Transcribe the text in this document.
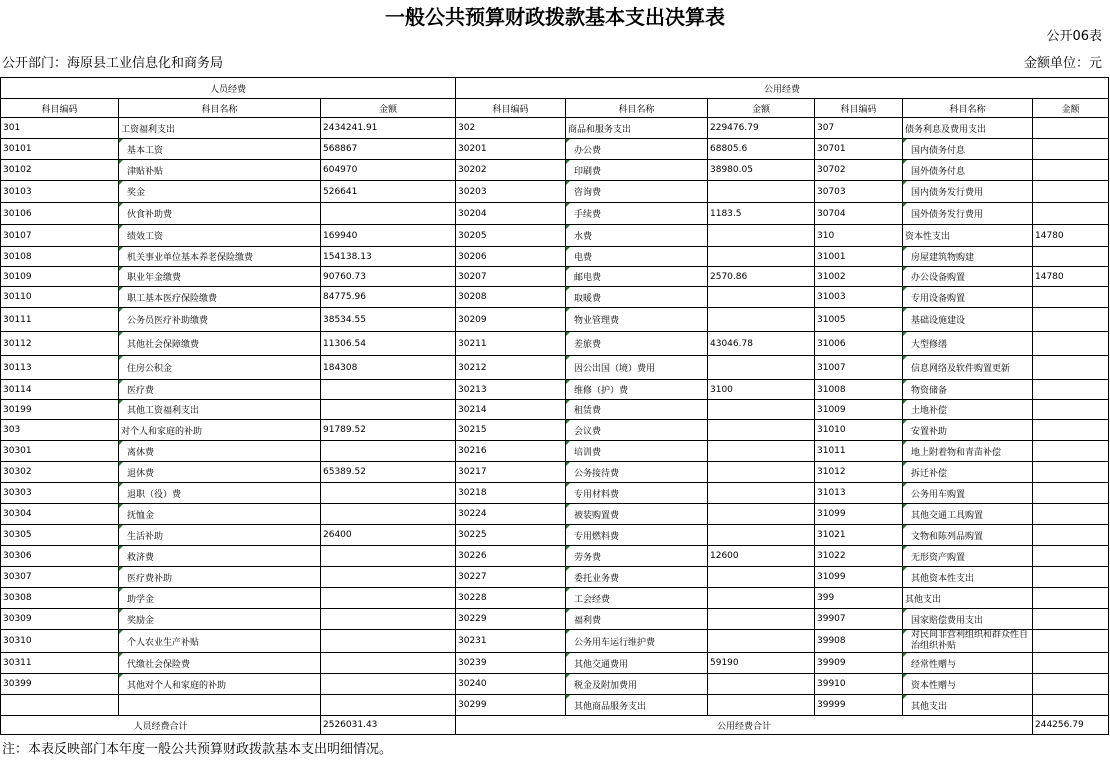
一般公共预算财政拨款基本支出决算表
公开06表
公开部门：海原县工业信息化和商务局	金额单位：元
人员经费			公用经费					
科目编码	科目名称	金额	科目编码	科目名称	金额	科目编码	科目名称	金额
301	工资福利支出	2434241.91	302	商品和服务支出	229476.79	307	债务利息及费用支出	
30101	基本工资	568867	30201	办公费	68805.6	30701	国内债务付息	
30102	津贴补贴	604970	30202	印刷费	38980.05	30702	国外债务付息	
30103	奖金	526641	30203	咨询费		30703	国内债务发行费用	
30106	伙食补助费		30204	手续费	1183.5	30704	国外债务发行费用	
30107	绩效工资	169940	30205	水费		310	资本性支出	14780
30108	机关事业单位基本养老保险缴费	154138.13	30206	电费		31001	房屋建筑物购建	
30109	职业年金缴费	90760.73	30207	邮电费	2570.86	31002	办公设备购置	14780
30110	职工基本医疗保险缴费	84775.96	30208	取暖费		31003	专用设备购置	
30111	公务员医疗补助缴费	38534.55	30209	物业管理费		31005	基础设施建设	
30112	其他社会保障缴费	11306.54	30211	差旅费	43046.78	31006	大型修缮	
30113	住房公积金	184308	30212	因公出国（境）费用		31007	信息网络及软件购置更新	
30114	医疗费		30213	维修（护）费	3100	31008	物资储备	
30199	其他工资福利支出		30214	租赁费		31009	土地补偿	
303	对个人和家庭的补助	91789.52	30215	会议费		31010	安置补助	
30301	离休费		30216	培训费		31011	地上附着物和青苗补偿	
30302	退休费	65389.52	30217	公务接待费		31012	拆迁补偿	
30303	退职（役）费		30218	专用材料费		31013	公务用车购置	
30304	抚恤金		30224	被装购置费		31099	其他交通工具购置	
30305	生活补助	26400	30225	专用燃料费		31021	文物和陈列品购置	
30306	救济费		30226	劳务费	12600	31022	无形资产购置	
30307	医疗费补助		30227	委托业务费		31099	其他资本性支出	
30308	助学金		30228	工会经费		399	其他支出	
30309	奖励金		30229	福利费		39907	国家赔偿费用支出	
30310	个人农业生产补贴		30231	公务用车运行维护费		39908	对民间非营利组织和群众性自治组织补贴	
30311	代缴社会保险费		30239	其他交通费用	59190	39909	经常性赠与	
30399	其他对个人和家庭的补助		30240	税金及附加费用		39910	资本性赠与	
			30299	其他商品服务支出		39999	其他支出	
人员经费合计		2526031.43	公用经费合计					244256.79
注：本表反映部门本年度一般公共预算财政拨款基本支出明细情况。
